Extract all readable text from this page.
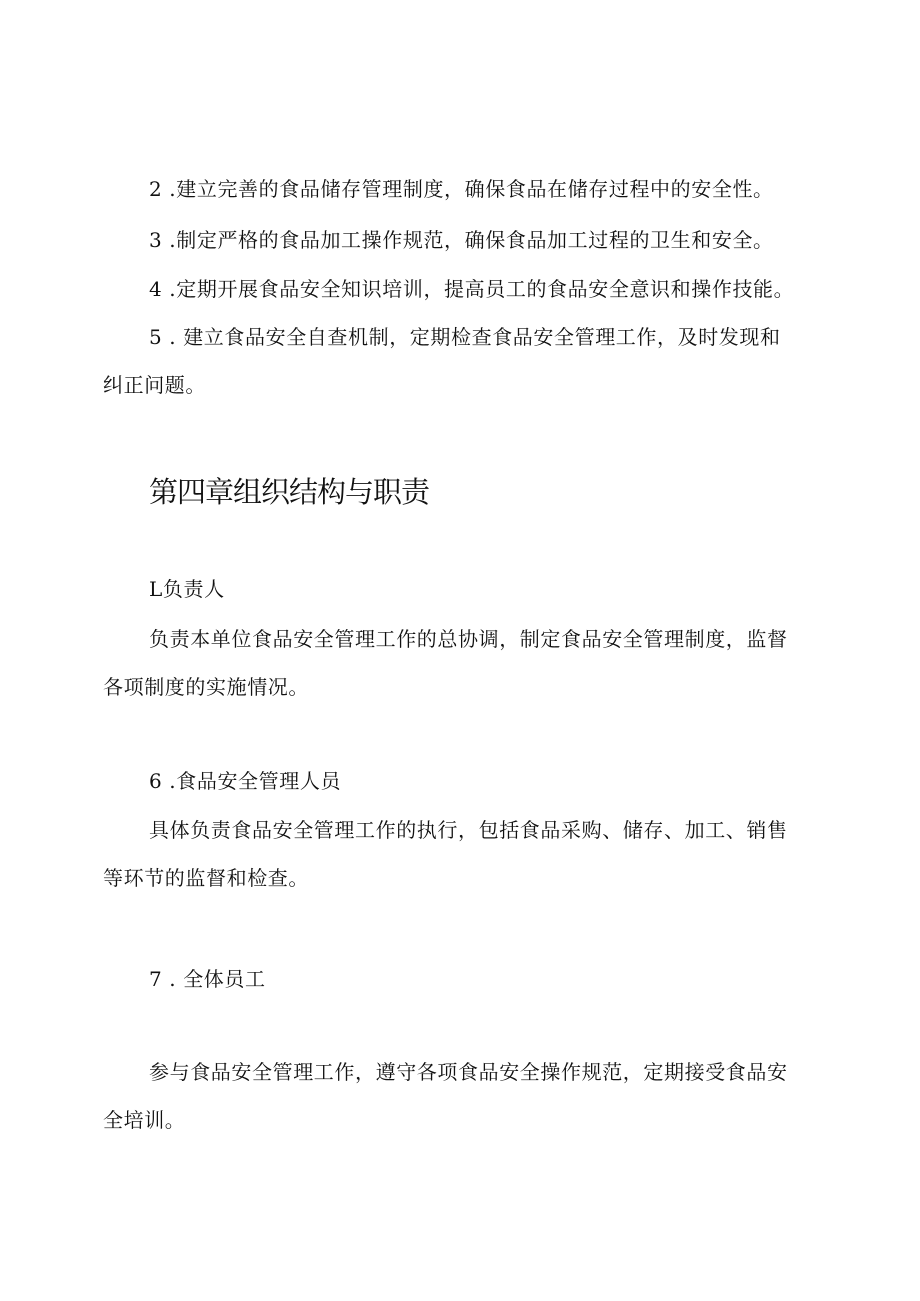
2 .建立完善的食品储存管理制度，确保食品在储存过程中的安全性。

3 .制定严格的食品加工操作规范，确保食品加工过程的卫生和安全。

4 .定期开展食品安全知识培训，提高员工的食品安全意识和操作技能。

5 . 建立食品安全自查机制，定期检查食品安全管理工作，及时发现和

纠正问题。

第四章组织结构与职责

L负责人

负责本单位食品安全管理工作的总协调，制定食品安全管理制度，监督

各项制度的实施情况。

6 .食品安全管理人员

具体负责食品安全管理工作的执行，包括食品采购、储存、加工、销售

等环节的监督和检查。

7 . 全体员工

参与食品安全管理工作，遵守各项食品安全操作规范，定期接受食品安

全培训。
